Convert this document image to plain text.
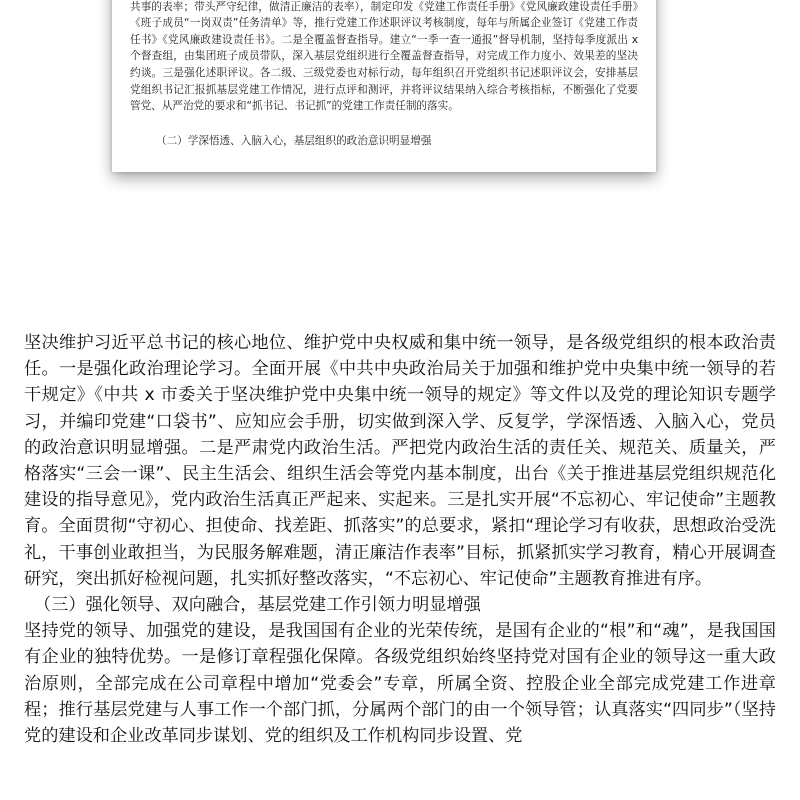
共事的表率；带头严守纪律，做清正廉洁的表率），制定印发《党建工作责任手册》《党风廉政建设责任手册》《班子成员“一岗双责”任务清单》等，推行党建工作述职评议考核制度，每年与所属企业签订《党建工作责任书》《党风廉政建设责任书》。二是全覆盖督查指导。建立“一季一查一通报”督导机制，坚持每季度派出 x 个督查组，由集团班子成员带队，深入基层党组织进行全覆盖督查指导，对完成工作力度小、效果差的坚决约谈。三是强化述职评议。各二级、三级党委也对标行动，每年组织召开党组织书记述职评议会，安排基层党组织书记汇报抓基层党建工作情况，进行点评和测评，并将评议结果纳入综合考核指标，不断强化了党要管党、从严治党的要求和“抓书记、书记抓”的党建工作责任制的落实。
（二）学深悟透、入脑入心，基层组织的政治意识明显增强

坚决维护习近平总书记的核心地位、维护党中央权威和集中统一领导，是各级党组织的根本政治责任。一是强化政治理论学习。全面开展《中共中央政治局关于加强和维护党中央集中统一领导的若干规定》《中共 x 市委关于坚决维护党中央集中统一领导的规定》等文件以及党的理论知识专题学习，并编印党建“口袋书”、应知应会手册，切实做到深入学、反复学，学深悟透、入脑入心，党员的政治意识明显增强。二是严肃党内政治生活。严把党内政治生活的责任关、规范关、质量关，严格落实“三会一课”、民主生活会、组织生活会等党内基本制度，出台《关于推进基层党组织规范化建设的指导意见》，党内政治生活真正严起来、实起来。三是扎实开展“不忘初心、牢记使命”主题教育。全面贯彻“守初心、担使命、找差距、抓落实”的总要求，紧扣“理论学习有收获，思想政治受洗礼，干事创业敢担当，为民服务解难题，清正廉洁作表率”目标，抓紧抓实学习教育，精心开展调查研究，突出抓好检视问题，扎实抓好整改落实，“不忘初心、牢记使命”主题教育推进有序。

（三）强化领导、双向融合，基层党建工作引领力明显增强

坚持党的领导、加强党的建设，是我国国有企业的光荣传统，是国有企业的“根”和“魂”，是我国国有企业的独特优势。一是修订章程强化保障。各级党组织始终坚持党对国有企业的领导这一重大政治原则，全部完成在公司章程中增加“党委会”专章，所属全资、控股企业全部完成党建工作进章程；推行基层党建与人事工作一个部门抓，分属两个部门的由一个领导管；认真落实“四同步”（坚持党的建设和企业改革同步谋划、党的组织及工作机构同步设置、党
